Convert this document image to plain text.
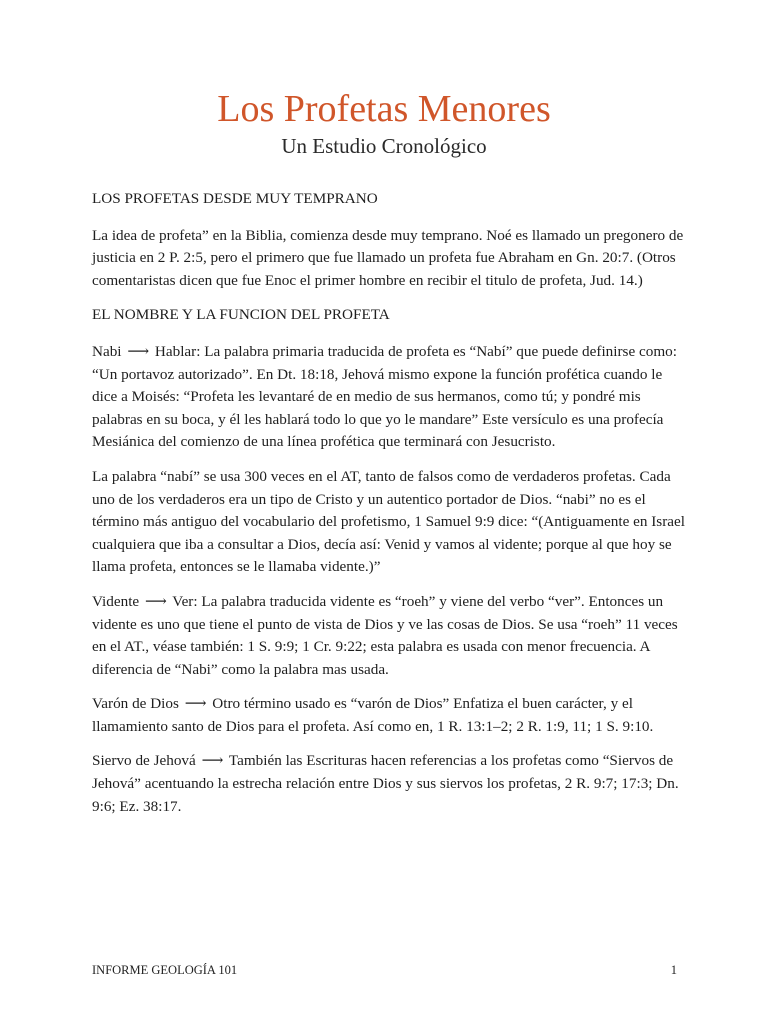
Los Profetas Menores
Un Estudio Cronológico
LOS PROFETAS DESDE MUY TEMPRANO

La idea de profeta” en la Biblia, comienza desde muy temprano. Noé es llamado un pregonero de justicia en 2 P. 2:5, pero el primero que fue llamado un profeta fue Abraham en Gn. 20:7. (Otros comentaristas dicen que fue Enoc el primer hombre en recibir el titulo de profeta, Jud. 14.)

EL NOMBRE Y LA FUNCION DEL PROFETA

Nabi ⟶ Hablar: La palabra primaria traducida de profeta es “Nabí” que puede definirse como: “Un portavoz autorizado”. En Dt. 18:18, Jehová mismo expone la función profética cuando le dice a Moisés: “Profeta les levantaré de en medio de sus hermanos, como tú; y pondré mis palabras en su boca, y él les hablará todo lo que yo le mandare” Este versículo es una profecía Mesiánica del comienzo de una línea profética que terminará con Jesucristo.

La palabra “nabí” se usa 300 veces en el AT, tanto de falsos como de verdaderos profetas. Cada uno de los verdaderos era un tipo de Cristo y un autentico portador de Dios. “nabi” no es el término más antiguo del vocabulario del profetismo, 1 Samuel 9:9 dice: “(Antiguamente en Israel cualquiera que iba a consultar a Dios, decía así: Venid y vamos al vidente; porque al que hoy se llama profeta, entonces se le llamaba vidente.)”

Vidente ⟶ Ver: La palabra traducida vidente es “roeh” y viene del verbo “ver”. Entonces un vidente es uno que tiene el punto de vista de Dios y ve las cosas de Dios. Se usa “roeh” 11 veces en el AT., véase también: 1 S. 9:9; 1 Cr. 9:22; esta palabra es usada con menor frecuencia. A diferencia de “Nabi” como la palabra mas usada.

Varón de Dios ⟶ Otro término usado es “varón de Dios” Enfatiza el buen carácter, y el llamamiento santo de Dios para el profeta. Así como en, 1 R. 13:1–2; 2 R. 1:9, 11; 1 S. 9:10.

Siervo de Jehová ⟶ También las Escrituras hacen referencias a los profetas como “Siervos de Jehová” acentuando la estrecha relación entre Dios y sus siervos los profetas, 2 R. 9:7; 17:3; Dn. 9:6; Ez. 38:17.

INFORME GEOLOGÍA 101	1
